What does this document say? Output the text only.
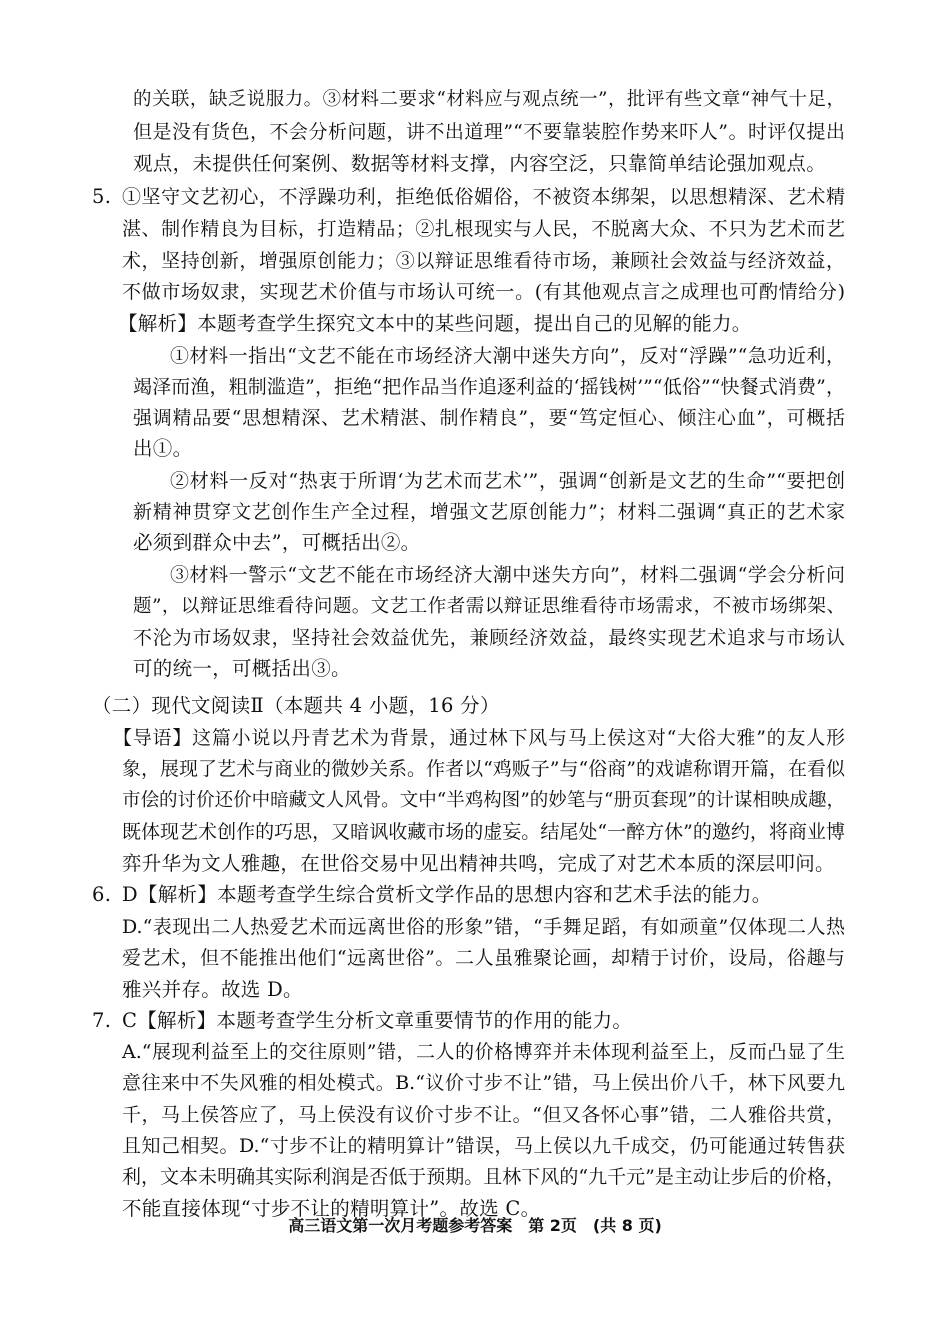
的关联，缺乏说服力。③材料二要求“材料应与观点统一”，批评有些文章“神气十足，
但是没有货色，不会分析问题，讲不出道理”“不要靠装腔作势来吓人”。时评仅提出
观点，未提供任何案例、数据等材料支撑，内容空泛，只靠简单结论强加观点。
5. ①坚守文艺初心，不浮躁功利，拒绝低俗媚俗，不被资本绑架，以思想精深、艺术精
湛、制作精良为目标，打造精品；②扎根现实与人民，不脱离大众、不只为艺术而艺
术，坚持创新，增强原创能力；③以辩证思维看待市场，兼顾社会效益与经济效益，
不做市场奴隶，实现艺术价值与市场认可统一。(有其他观点言之成理也可酌情给分)
【解析】本题考查学生探究文本中的某些问题，提出自己的见解的能力。
①材料一指出“文艺不能在市场经济大潮中迷失方向”，反对“浮躁”“急功近利，
竭泽而渔，粗制滥造”，拒绝“把作品当作追逐利益的‘摇钱树’”“低俗”“快餐式消费”，
强调精品要“思想精深、艺术精湛、制作精良”，要“笃定恒心、倾注心血”，可概括
出①。
②材料一反对“热衷于所谓‘为艺术而艺术’”，强调“创新是文艺的生命”“要把创
新精神贯穿文艺创作生产全过程，增强文艺原创能力”；材料二强调“真正的艺术家
必须到群众中去”，可概括出②。
③材料一警示“文艺不能在市场经济大潮中迷失方向”，材料二强调“学会分析问
题”，以辩证思维看待问题。文艺工作者需以辩证思维看待市场需求，不被市场绑架、
不沦为市场奴隶，坚持社会效益优先，兼顾经济效益，最终实现艺术追求与市场认
可的统一，可概括出③。
（二）现代文阅读Ⅱ（本题共 4 小题，16 分）
【导语】这篇小说以丹青艺术为背景，通过林下风与马上侯这对“大俗大雅”的友人形
象，展现了艺术与商业的微妙关系。作者以“鸡贩子”与“俗商”的戏谑称谓开篇，在看似
市侩的讨价还价中暗藏文人风骨。文中“半鸡构图”的妙笔与“册页套现”的计谋相映成趣，
既体现艺术创作的巧思，又暗讽收藏市场的虚妄。结尾处“一醉方休”的邀约，将商业博
弈升华为文人雅趣，在世俗交易中见出精神共鸣，完成了对艺术本质的深层叩问。
6. D【解析】本题考查学生综合赏析文学作品的思想内容和艺术手法的能力。
D.“表现出二人热爱艺术而远离世俗的形象”错，“手舞足蹈，有如顽童”仅体现二人热
爱艺术，但不能推出他们“远离世俗”。二人虽雅聚论画，却精于讨价，设局，俗趣与
雅兴并存。故选 D。
7. C【解析】本题考查学生分析文章重要情节的作用的能力。
A.“展现利益至上的交往原则”错，二人的价格博弈并未体现利益至上，反而凸显了生
意往来中不失风雅的相处模式。B.“议价寸步不让”错，马上侯出价八千，林下风要九
千，马上侯答应了，马上侯没有议价寸步不让。“但又各怀心事”错，二人雅俗共赏，
且知己相契。D.“寸步不让的精明算计”错误，马上侯以九千成交，仍可能通过转售获
利，文本未明确其实际利润是否低于预期。且林下风的“九千元”是主动让步后的价格，
不能直接体现“寸步不让的精明算计”。故选 C。
高三语文第一次月考题参考答案　第 2页　(共 8 页)
